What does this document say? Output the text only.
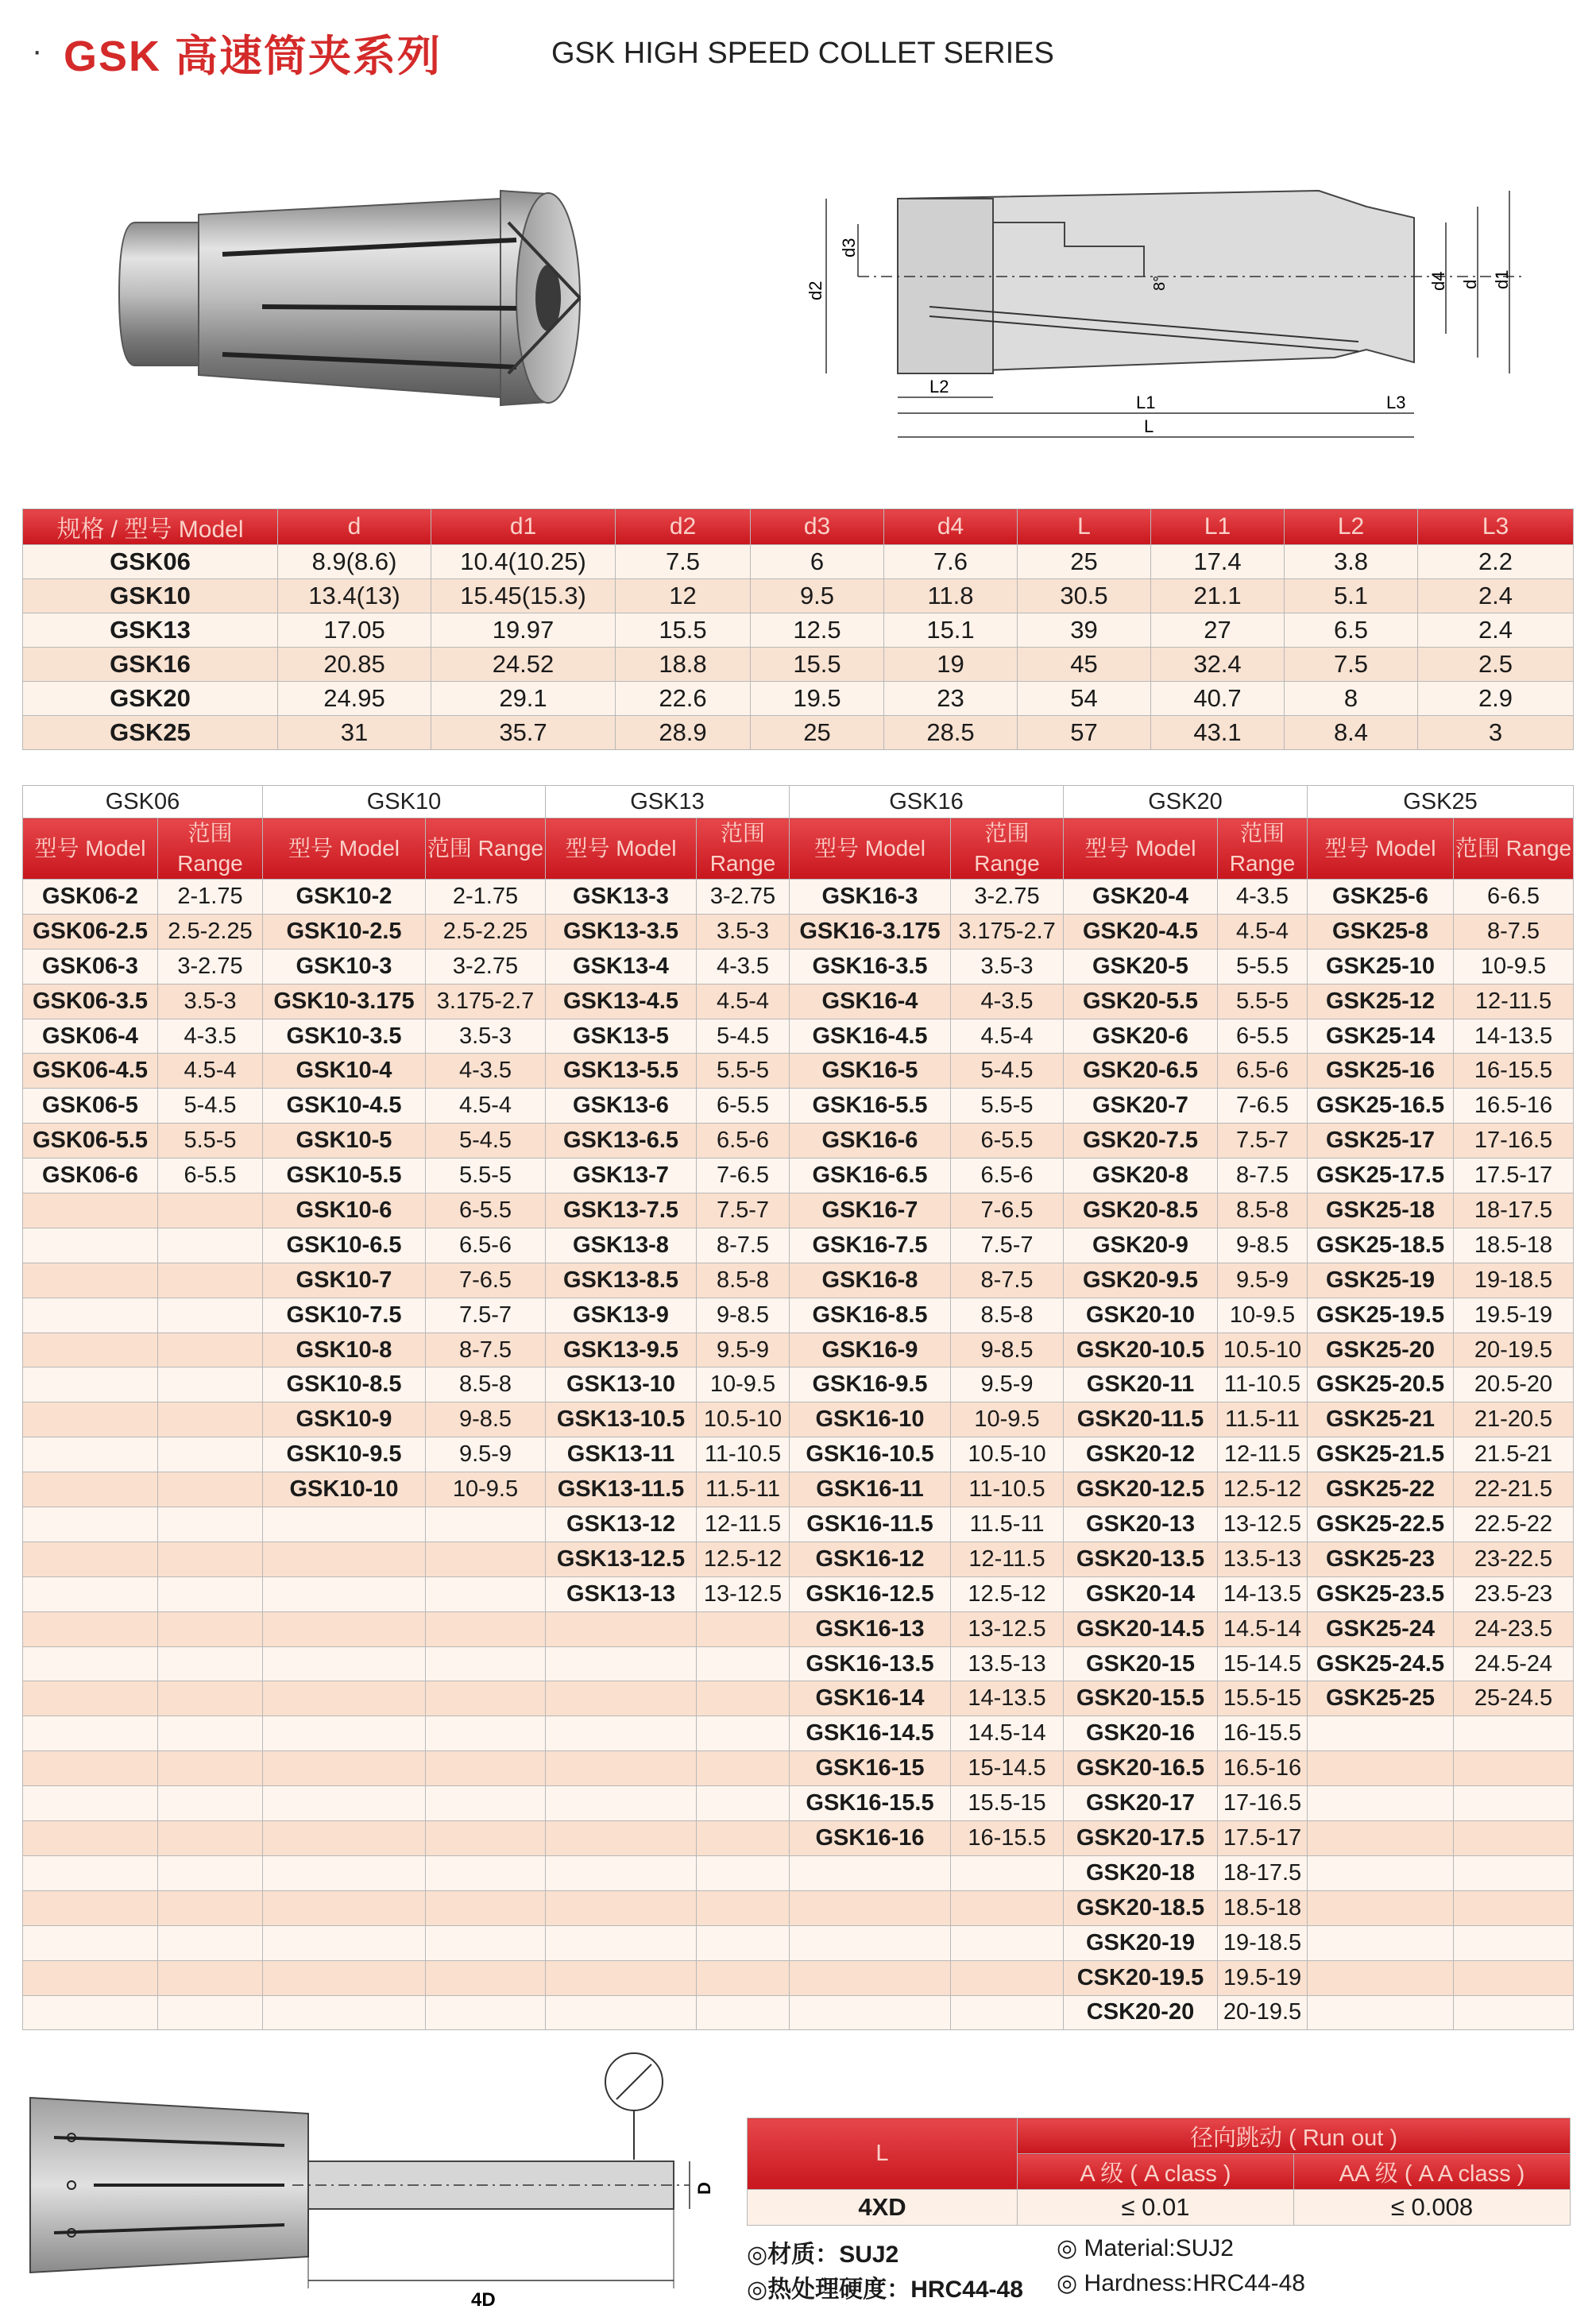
· GSK 高速筒夹系列	GSK HIGH SPEED COLLET SERIES
d2
d3
d4 d d1
8°
L2
L1	L3
L
规格 / 型号 Model	d	d1	d2	d3	d4	L	L1	L2	L3
GSK06	8.9(8.6)	10.4(10.25)	7.5	6	7.6	25	17.4	3.8	2.2
GSK10	13.4(13)	15.45(15.3)	12	9.5	11.8	30.5	21.1	5.1	2.4
GSK13	17.05	19.97	15.5	12.5	15.1	39	27	6.5	2.4
GSK16	20.85	24.52	18.8	15.5	19	45	32.4	7.5	2.5
GSK20	24.95	29.1	22.6	19.5	23	54	40.7	8	2.9
GSK25	31	35.7	28.9	25	28.5	57	43.1	8.4	3
GSK06		GSK10		GSK13		GSK16		GSK20		GSK25	
型号 Model	范围 Range	型号 Model	范围 Range	型号 Model	范围 Range	型号 Model	范围 Range	型号 Model	范围 Range	型号 Model	范围 Range
GSK06-2	2-1.75	GSK10-2	2-1.75	GSK13-3	3-2.75	GSK16-3	3-2.75	GSK20-4	4-3.5	GSK25-6	6-6.5
GSK06-2.5	2.5-2.25	GSK10-2.5	2.5-2.25	GSK13-3.5	3.5-3	GSK16-3.175	3.175-2.7	GSK20-4.5	4.5-4	GSK25-8	8-7.5
GSK06-3	3-2.75	GSK10-3	3-2.75	GSK13-4	4-3.5	GSK16-3.5	3.5-3	GSK20-5	5-5.5	GSK25-10	10-9.5
GSK06-3.5	3.5-3	GSK10-3.175	3.175-2.7	GSK13-4.5	4.5-4	GSK16-4	4-3.5	GSK20-5.5	5.5-5	GSK25-12	12-11.5
GSK06-4	4-3.5	GSK10-3.5	3.5-3	GSK13-5	5-4.5	GSK16-4.5	4.5-4	GSK20-6	6-5.5	GSK25-14	14-13.5
GSK06-4.5	4.5-4	GSK10-4	4-3.5	GSK13-5.5	5.5-5	GSK16-5	5-4.5	GSK20-6.5	6.5-6	GSK25-16	16-15.5
GSK06-5	5-4.5	GSK10-4.5	4.5-4	GSK13-6	6-5.5	GSK16-5.5	5.5-5	GSK20-7	7-6.5	GSK25-16.5	16.5-16
GSK06-5.5	5.5-5	GSK10-5	5-4.5	GSK13-6.5	6.5-6	GSK16-6	6-5.5	GSK20-7.5	7.5-7	GSK25-17	17-16.5
GSK06-6	6-5.5	GSK10-5.5	5.5-5	GSK13-7	7-6.5	GSK16-6.5	6.5-6	GSK20-8	8-7.5	GSK25-17.5	17.5-17
		GSK10-6	6-5.5	GSK13-7.5	7.5-7	GSK16-7	7-6.5	GSK20-8.5	8.5-8	GSK25-18	18-17.5
		GSK10-6.5	6.5-6	GSK13-8	8-7.5	GSK16-7.5	7.5-7	GSK20-9	9-8.5	GSK25-18.5	18.5-18
		GSK10-7	7-6.5	GSK13-8.5	8.5-8	GSK16-8	8-7.5	GSK20-9.5	9.5-9	GSK25-19	19-18.5
		GSK10-7.5	7.5-7	GSK13-9	9-8.5	GSK16-8.5	8.5-8	GSK20-10	10-9.5	GSK25-19.5	19.5-19
		GSK10-8	8-7.5	GSK13-9.5	9.5-9	GSK16-9	9-8.5	GSK20-10.5	10.5-10	GSK25-20	20-19.5
		GSK10-8.5	8.5-8	GSK13-10	10-9.5	GSK16-9.5	9.5-9	GSK20-11	11-10.5	GSK25-20.5	20.5-20
		GSK10-9	9-8.5	GSK13-10.5	10.5-10	GSK16-10	10-9.5	GSK20-11.5	11.5-11	GSK25-21	21-20.5
		GSK10-9.5	9.5-9	GSK13-11	11-10.5	GSK16-10.5	10.5-10	GSK20-12	12-11.5	GSK25-21.5	21.5-21
		GSK10-10	10-9.5	GSK13-11.5	11.5-11	GSK16-11	11-10.5	GSK20-12.5	12.5-12	GSK25-22	22-21.5
				GSK13-12	12-11.5	GSK16-11.5	11.5-11	GSK20-13	13-12.5	GSK25-22.5	22.5-22
				GSK13-12.5	12.5-12	GSK16-12	12-11.5	GSK20-13.5	13.5-13	GSK25-23	23-22.5
				GSK13-13	13-12.5	GSK16-12.5	12.5-12	GSK20-14	14-13.5	GSK25-23.5	23.5-23
						GSK16-13	13-12.5	GSK20-14.5	14.5-14	GSK25-24	24-23.5
						GSK16-13.5	13.5-13	GSK20-15	15-14.5	GSK25-24.5	24.5-24
						GSK16-14	14-13.5	GSK20-15.5	15.5-15	GSK25-25	25-24.5
						GSK16-14.5	14.5-14	GSK20-16	16-15.5		
						GSK16-15	15-14.5	GSK20-16.5	16.5-16		
						GSK16-15.5	15.5-15	GSK20-17	17-16.5		
						GSK16-16	16-15.5	GSK20-17.5	17.5-17		
								GSK20-18	18-17.5		
								GSK20-18.5	18.5-18		
								GSK20-19	19-18.5		
								CSK20-19.5	19.5-19		
								CSK20-20	20-19.5		
4D
D
L	径向跳动 ( Run out )	
	A 级 ( A class )	AA 级 ( A A class )
4XD	≤ 0.01	≤ 0.008
◎材质：SUJ2	◎ Material:SUJ2
◎热处理硬度：HRC44-48 ◎ Hardness:HRC44-48
